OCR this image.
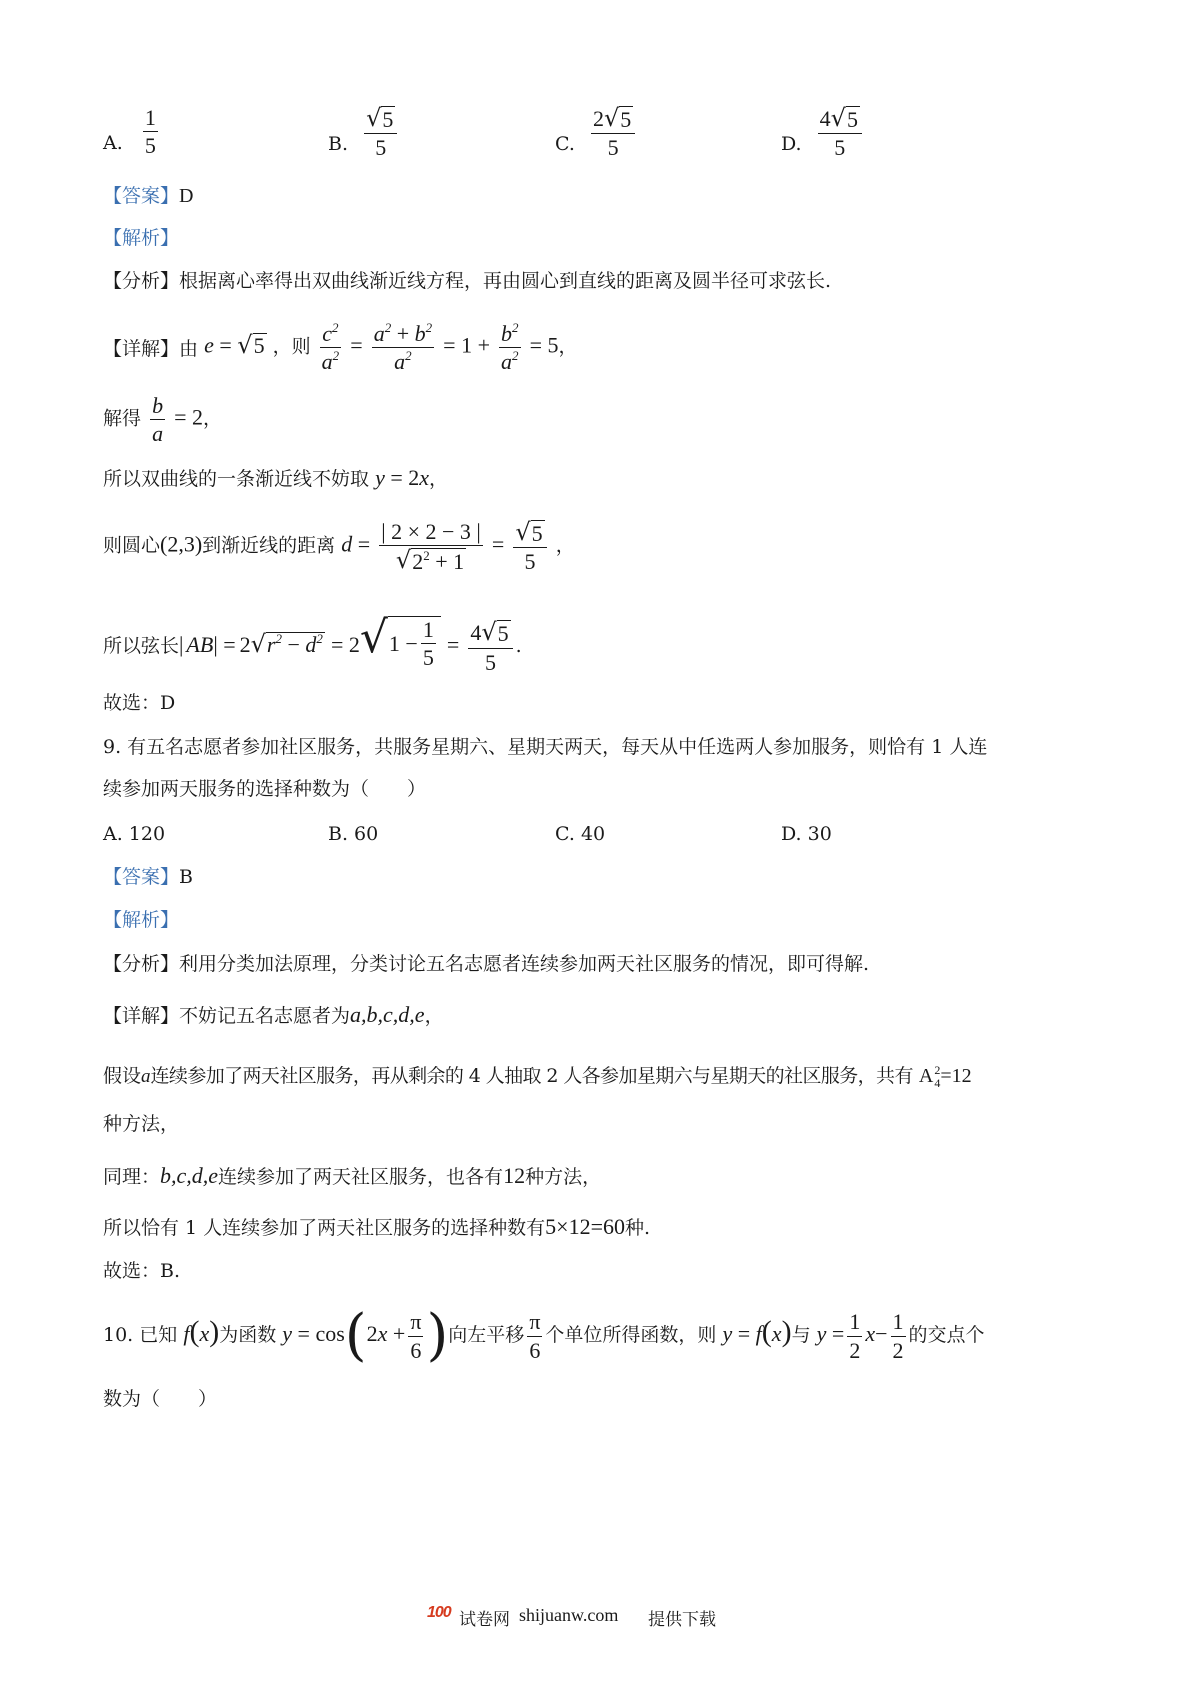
A. $\frac{1}{5}$	B. $\frac{√ 5}{5}$	C. $\frac{2 √ 5}{5}$	D. $\frac{4 √ 5}{5}$
【答案】D
【解析】
【分析】根据离心率得出双曲线渐近线方程，再由圆心到直线的距离及圆半径可求弦长.
【详解】由 e = √ 5 ，则 $\frac{c^2}{a^2} = \frac{a^2 + b^2}{a^2} = 1 + \frac{b^2}{a^2} = 5$，
解得 $\frac{b}{a} = 2$，
所以双曲线的一条渐近线不妨取 y = 2x，
则圆心(2,3)到渐近线的距离 $d = \frac{| 2 \times 2 - 3 |}{√ 2^2 + 1} = \frac{√ 5}{5}$ ，
所以弦长| AB| = 2 √ $r^2 - d^2 = 2$ √ $1 - \frac{1}{5} = \frac{4 √ 5}{5}$ .
故选：D
9. 有五名志愿者参加社区服务，共服务星期六、星期天两天，每天从中任选两人参加服务，则恰有 1 人连
续参加两天服务的选择种数为（　　）
A. 120	B. 60	C. 40	D. 30
【答案】B
【解析】
【分析】利用分类加法原理，分类讨论五名志愿者连续参加两天社区服务的情况，即可得解.
【详解】不妨记五名志愿者为a,b,c,d,e，
假设a连续参加了两天社区服务，再从剩余的 4 人抽取 2 人各参加星期六与星期天的社区服务，共有 A 2
4 =12
种方法，
同理：b,c,d,e连续参加了两天社区服务，也各有12种方法，
所以恰有 1 人连续参加了两天社区服务的选择种数有5×12=60种.
故选：B.
10. 已知 f(x)为函数 $y = \cos(2x + \frac{\pi}{6}$ )向左平移 $\frac{\pi}{6}$ 个单位所得函数，则 y = f(x)与 $y = \frac{1}{2} x- \frac{1}{2}$ 的交点个
数为（　　）
100 试卷网 shijuanw.com 提供下载
